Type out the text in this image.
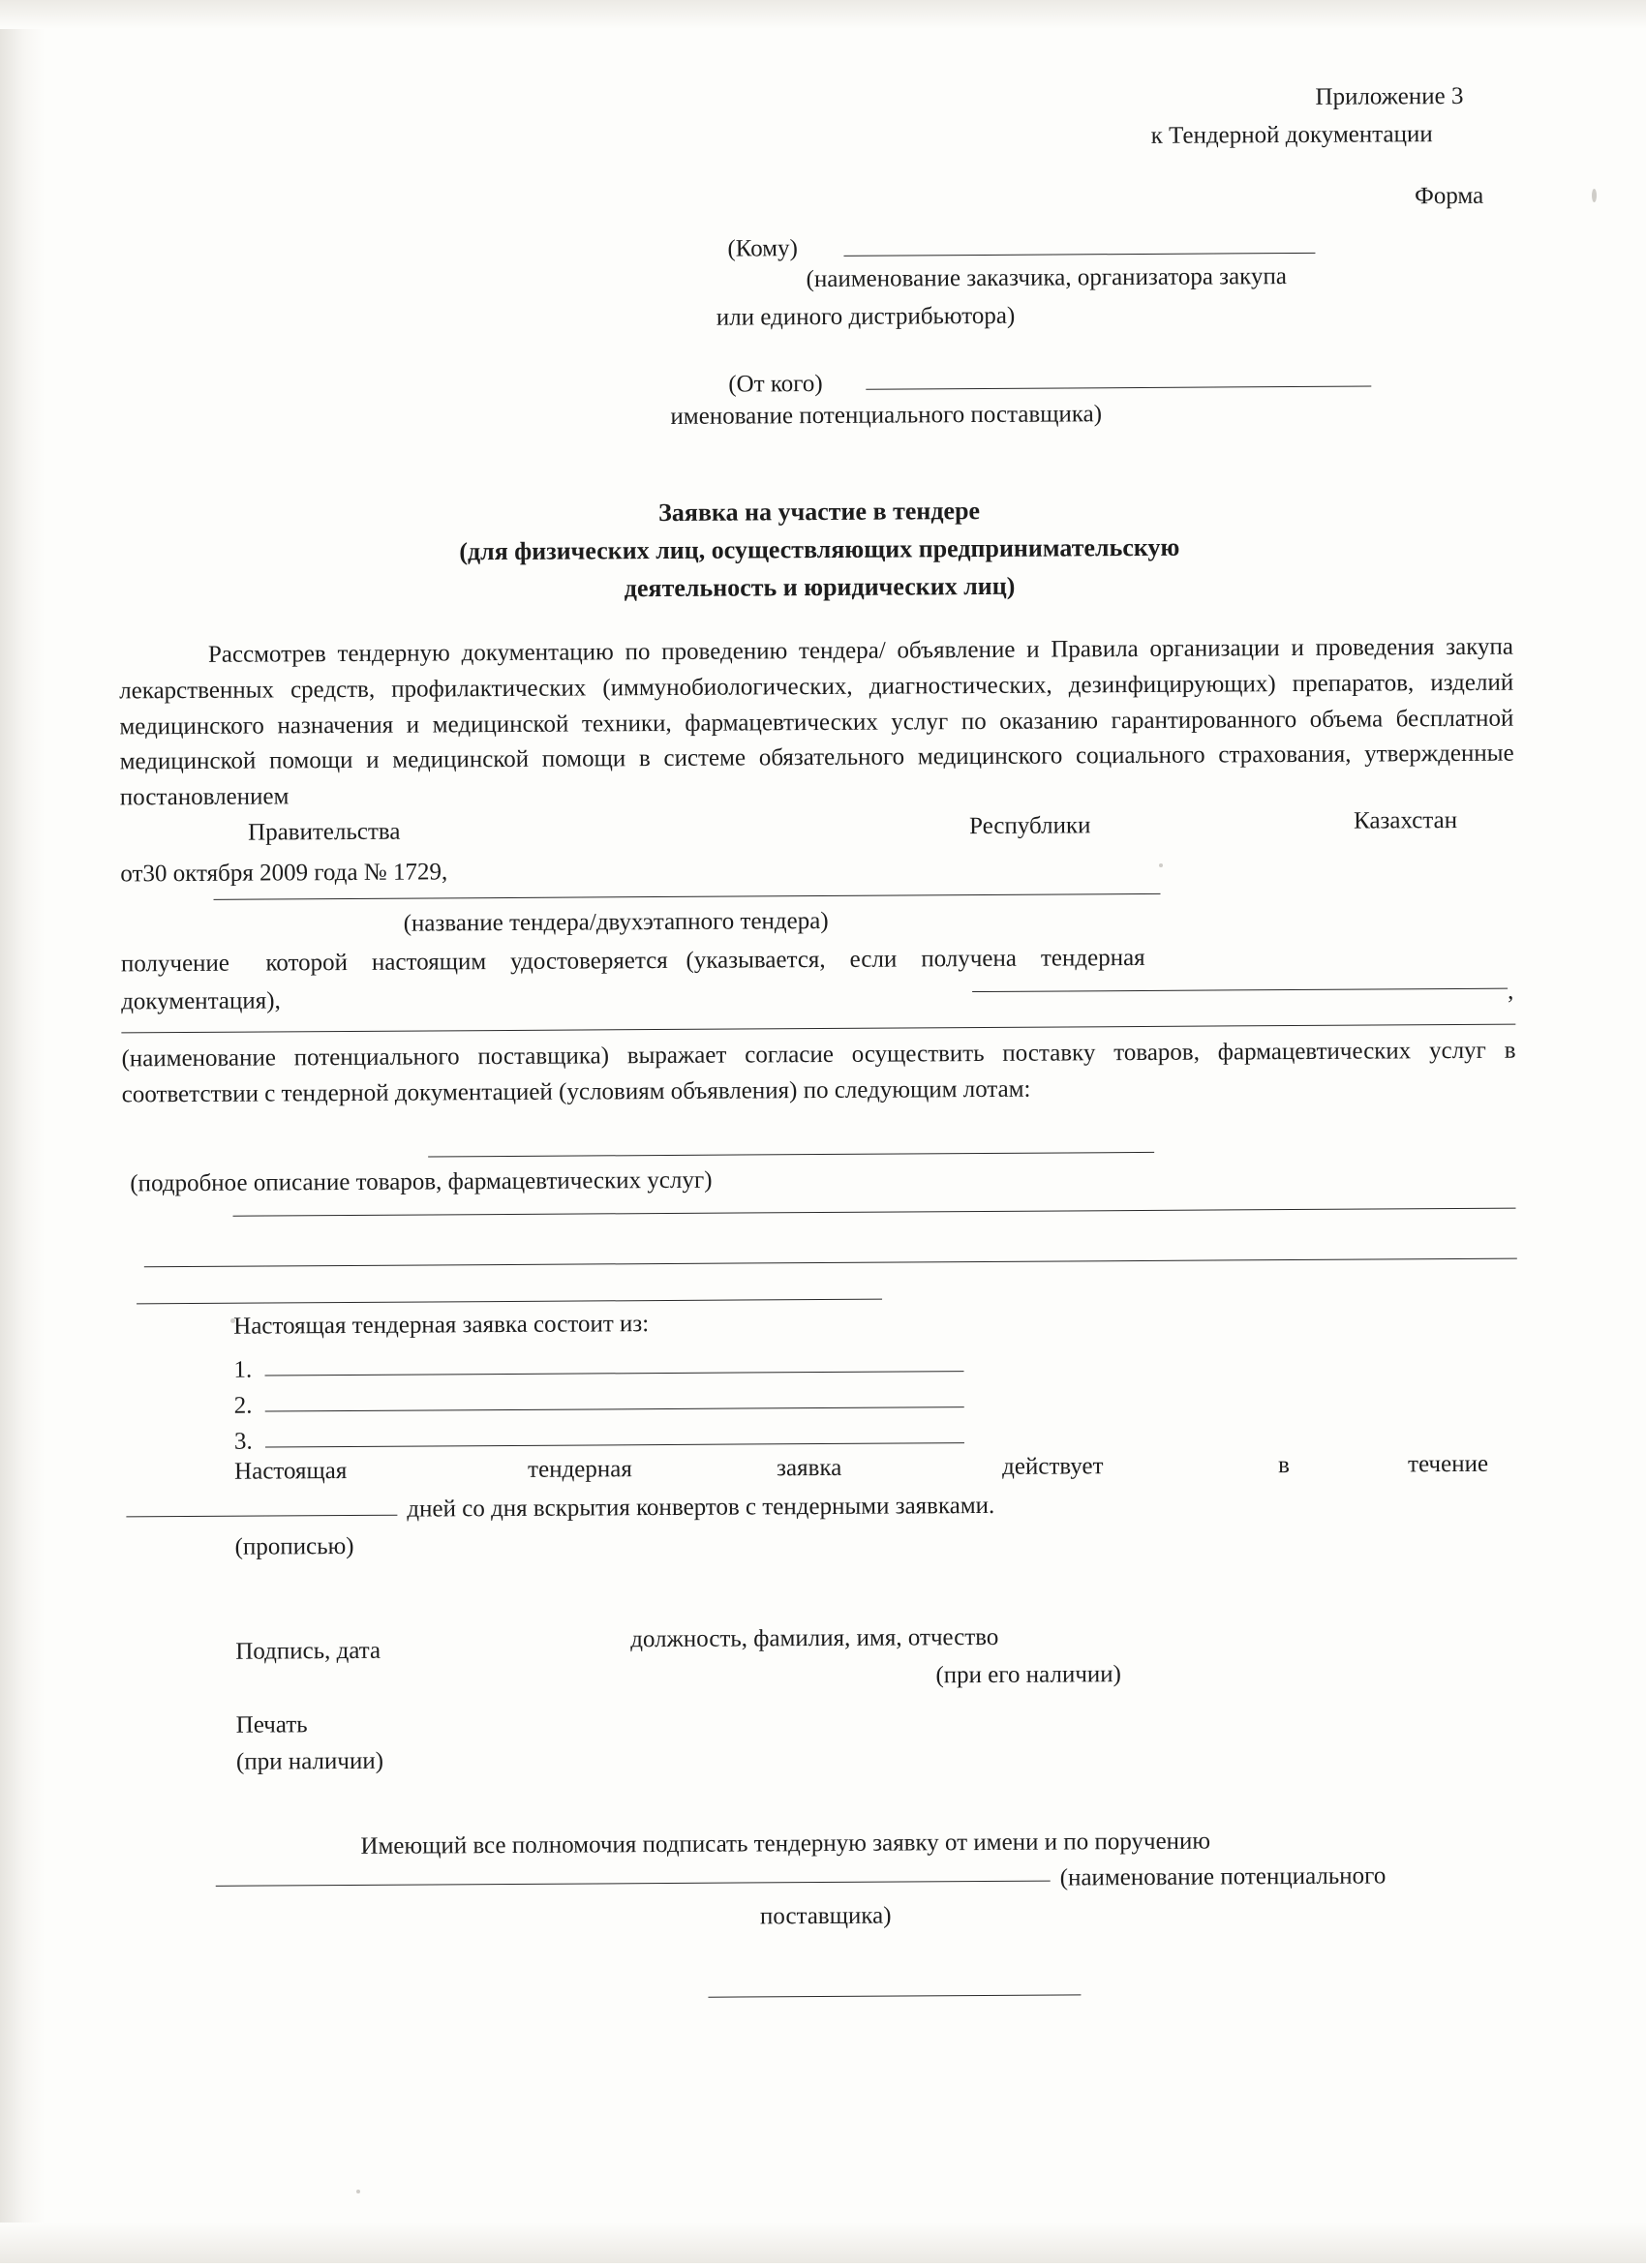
Приложение 3
к Тендерной документации
Форма
(Кому)
(наименование заказчика, организатора закупа
или единого дистрибьютора)
(От кого)
именование потенциального поставщика)
Заявка на участие в тендере
(для физических лиц, осуществляющих предпринимательскую
деятельность и юридических лиц)
Рассмотрев тендерную документацию по проведению тендера/ объявление и Правила организации и проведения закупа лекарственных средств, профилактических (иммунобиологических, диагностических, дезинфицирующих) препаратов, изделий медицинского назначения и медицинской техники, фармацевтических услуг по оказанию гарантированного объема бесплатной медицинской помощи и медицинской помощи в системе обязательного медицинского социального страхования, утвержденные постановлением
Правительства	Республики	Казахстан
от30 октября 2009 года № 1729,
(название тендера/двухэтапного тендера)
получение      которой    настоящим    удостоверяется   (указывается,    если    получена    тендерная
документация),	,
(наименование потенциального поставщика) выражает согласие осуществить поставку товаров, фармацевтических услуг в соответствии с тендерной документацией (условиям объявления) по следующим лотам:
(подробное описание товаров, фармацевтических услуг)
Настоящая тендерная заявка состоит из:
1.
2.
3.
Настоящая	тендерная	заявка	действует	в	течение
дней со дня вскрытия конвертов с тендерными заявками.
(прописью)
Подпись, дата	должность, фамилия, имя, отчество
(при его наличии)
Печать
(при наличии)
Имеющий все полномочия подписать тендерную заявку от имени и по поручению
(наименование потенциального
поставщика)
